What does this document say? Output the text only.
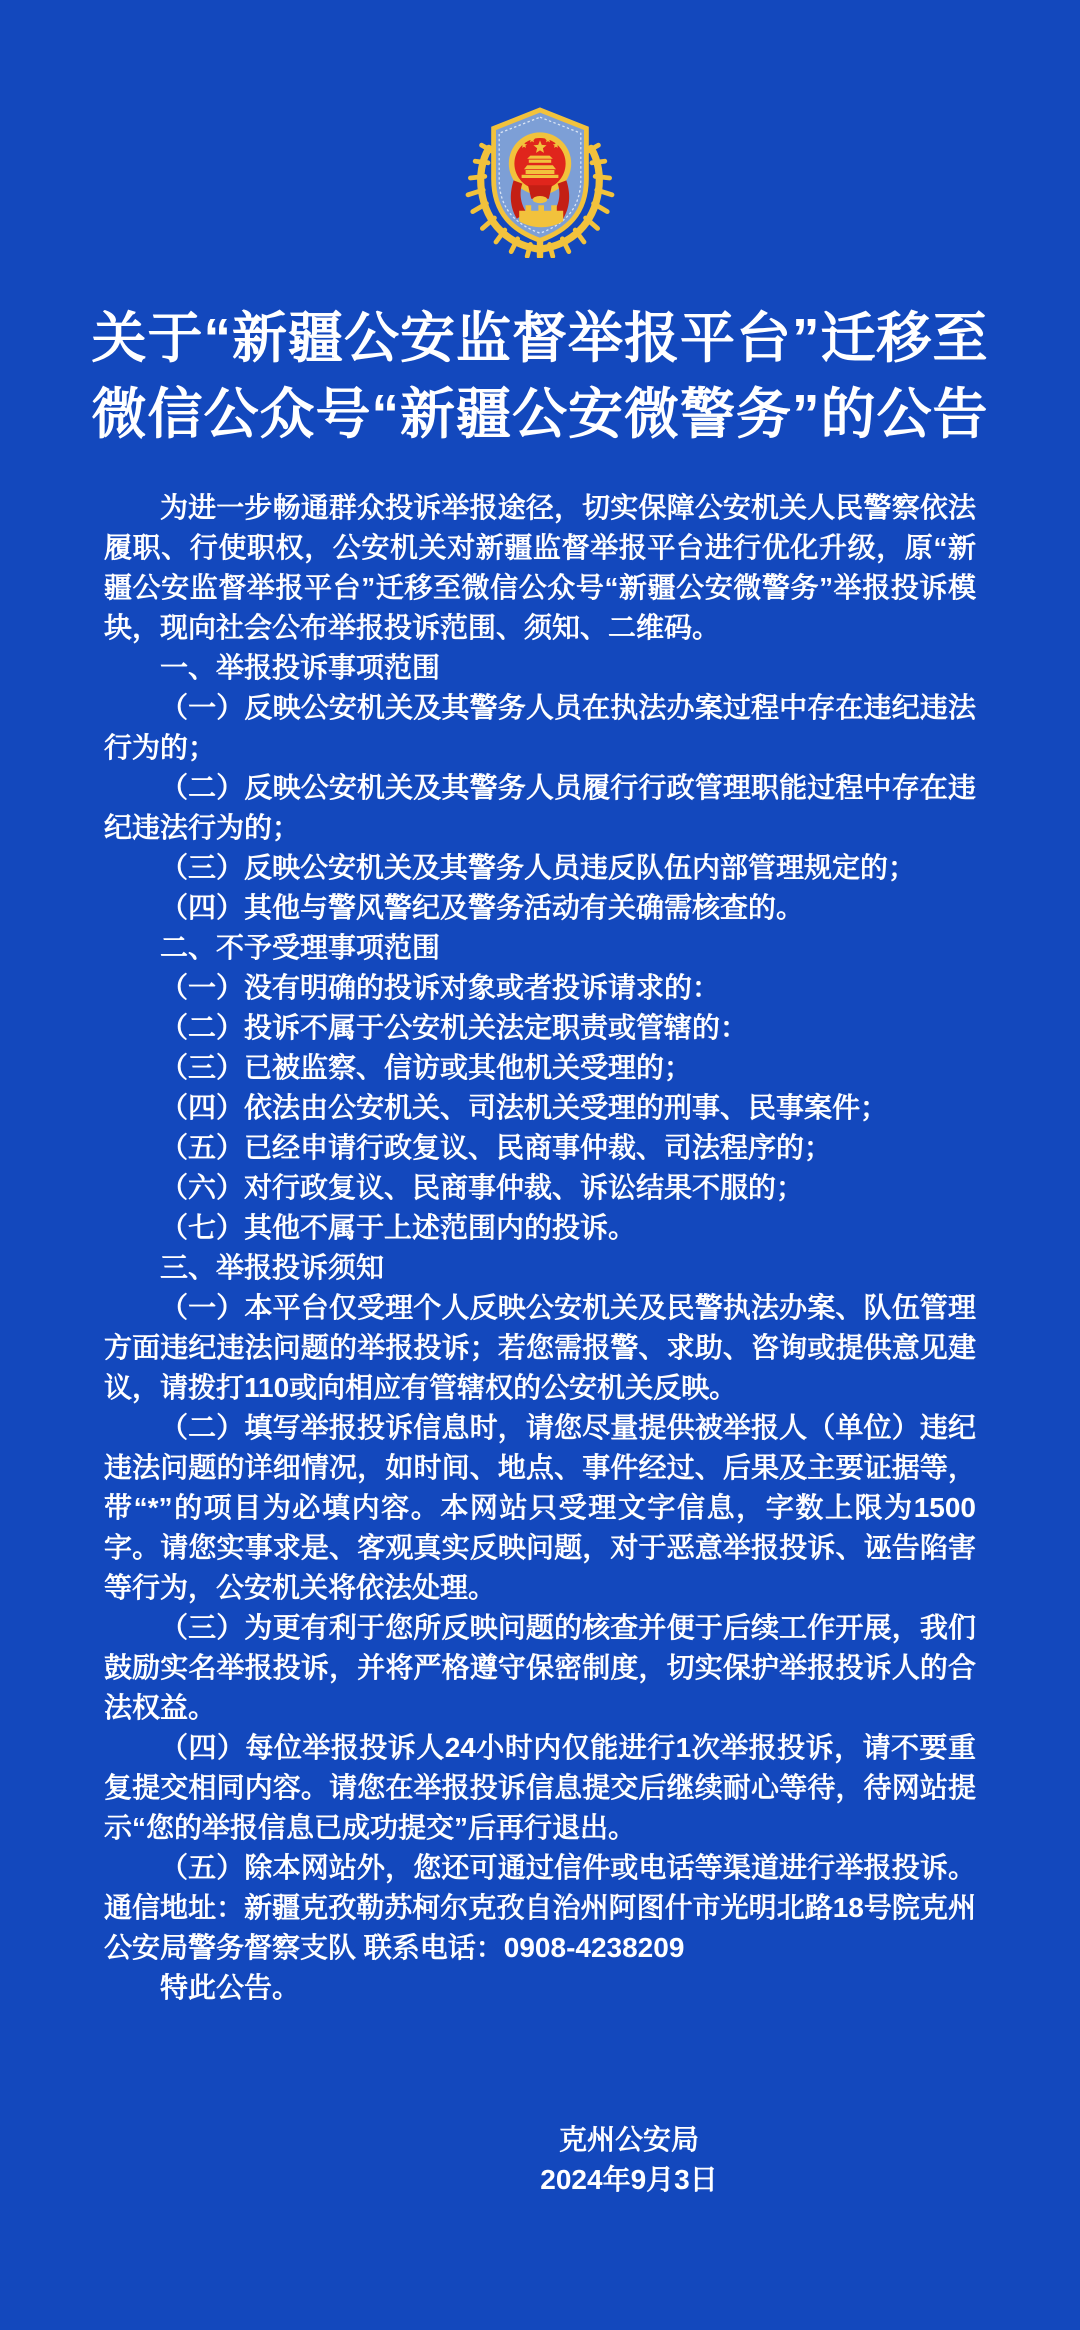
关于“新疆公安监督举报平台”迁移至
微信公众号“新疆公安微警务”的公告

为进一步畅通群众投诉举报途径，切实保障公安机关人民警察依法履职、行使职权，公安机关对新疆监督举报平台进行优化升级，原“新疆公安监督举报平台”迁移至微信公众号“新疆公安微警务”举报投诉模块，现向社会公布举报投诉范围、须知、二维码。

一、举报投诉事项范围

（一）反映公安机关及其警务人员在执法办案过程中存在违纪违法行为的；

（二）反映公安机关及其警务人员履行行政管理职能过程中存在违纪违法行为的；

（三）反映公安机关及其警务人员违反队伍内部管理规定的；

（四）其他与警风警纪及警务活动有关确需核查的。

二、不予受理事项范围

（一）没有明确的投诉对象或者投诉请求的：

（二）投诉不属于公安机关法定职责或管辖的：

（三）已被监察、信访或其他机关受理的；

（四）依法由公安机关、司法机关受理的刑事、民事案件；

（五）已经申请行政复议、民商事仲裁、司法程序的；

（六）对行政复议、民商事仲裁、诉讼结果不服的；

（七）其他不属于上述范围内的投诉。

三、举报投诉须知

（一）本平台仅受理个人反映公安机关及民警执法办案、队伍管理方面违纪违法问题的举报投诉；若您需报警、求助、咨询或提供意见建议，请拨打110或向相应有管辖权的公安机关反映。

（二）填写举报投诉信息时，请您尽量提供被举报人（单位）违纪违法问题的详细情况，如时间、地点、事件经过、后果及主要证据等，带“*”的项目为必填内容。本网站只受理文字信息，字数上限为1500字。请您实事求是、客观真实反映问题，对于恶意举报投诉、诬告陷害等行为，公安机关将依法处理。

（三）为更有利于您所反映问题的核查并便于后续工作开展，我们鼓励实名举报投诉，并将严格遵守保密制度，切实保护举报投诉人的合法权益。

（四）每位举报投诉人24小时内仅能进行1次举报投诉，请不要重复提交相同内容。请您在举报投诉信息提交后继续耐心等待，待网站提示“您的举报信息已成功提交”后再行退出。

（五）除本网站外，您还可通过信件或电话等渠道进行举报投诉。通信地址：新疆克孜勒苏柯尔克孜自治州阿图什市光明北路18号院克州公安局警务督察支队 联系电话：0908-4238209

特此公告。

克州公安局

2024年9月3日
